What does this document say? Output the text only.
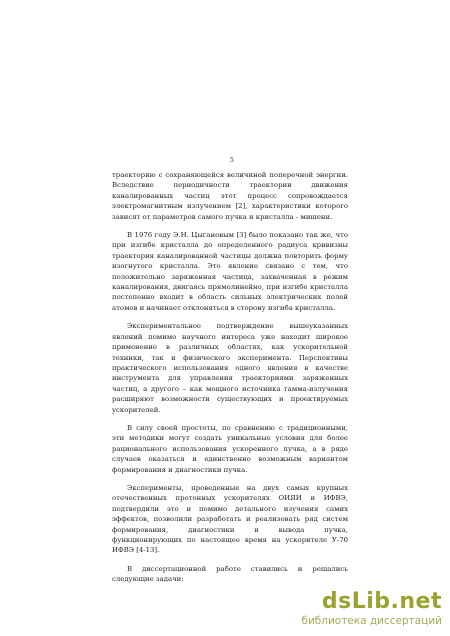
5

траекторию с сохраняющейся величиной поперечной энергии. Вследствие периодичности траектории движения каналированных частиц этот процесс сопровождается электромагнитным излучением [2], характеристики которого зависят от параметров самого пучка и кристалла - мишени.

В 1976 году Э.Н. Цыгановым [3] было показано так же, что при изгибе кристалла до определенного радиуса кривизны траектория каналированной частицы должна повторить форму изогнутого кристалла. Это явление связано с тем, что положительно заряженная частица, захваченная в режим каналирования, двигаясь прямолинейно, при изгибе кристалла постепенно входит в область сильных электрических полей атомов и начинает отклоняться в сторону изгиба кристалла.

Экспериментальное подтверждение вышеуказанных явлений помимо научного интереса уже находит широкое применение в различных областях, как ускорительной техники, так и физического эксперимента. Перспективы практического использования одного явления в качестве инструмента для управления траекториями заряженных частиц, а другого – как мощного источника гамма-излучения расширяют возможности существующих и проектируемых ускорителей.

В силу своей простоты, по сравнению с традиционными, эти методики могут создать уникальные условия для более рационального использования ускоренного пучка, а в ряде случаев оказаться и единственно возможным вариантом формирования и диагностики пучка.

Эксперименты, проведенные на двух самых крупных отечественных протонных ускорителях ОИЯИ и ИФВЭ, подтвердили это и помимо детального изучения самих эффектов, позволили разработать и реализовать ряд систем формирования, диагностики и вывода пучка, функционирующих по настоящее время на ускорителе У-70 ИФВЭ [4-13].

В диссертационной работе ставились и решались следующие задачи:

dsLib.net
библиотека диссертаций
